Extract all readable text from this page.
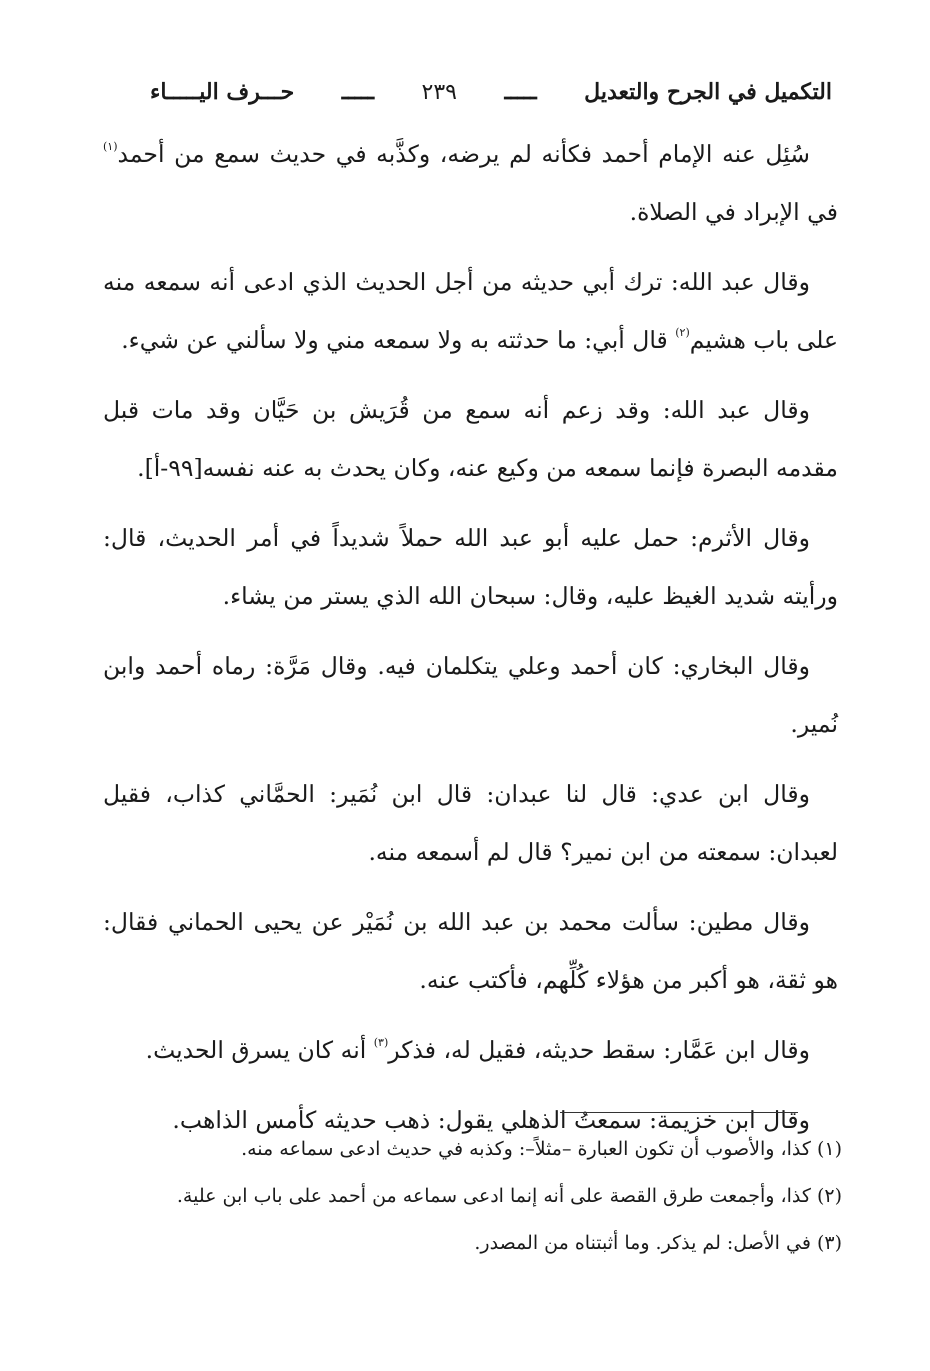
التكميل في الجرح والتعديل
ـــــ
٢٣٩
ـــــ
حـــرف اليـــــاء

سُئِل عنه الإمام أحمد فكأنه لم يرضه، وكذَّبه في حديث سمع من أحمد$^{(١)}$ في الإبراد في الصلاة.

وقال عبد الله: ترك أبي حديثه من أجل الحديث الذي ادعى أنه سمعه منه على باب هشيم$^{(٢)}$ قال أبي: ما حدثته به ولا سمعه مني ولا سألني عن شيء.

وقال عبد الله: وقد زعم أنه سمع من قُرَيش بن حَيَّان وقد مات قبل مقدمه البصرة فإنما سمعه من وكيع عنه، وكان يحدث به عنه نفسه[٩٩-أ].

وقال الأثرم: حمل عليه أبو عبد الله حملاً شديداً في أمر الحديث، قال: ورأيته شديد الغيظ عليه، وقال: سبحان الله الذي يستر من يشاء.

وقال البخاري: كان أحمد وعلي يتكلمان فيه. وقال مَرَّة: رماه أحمد وابن نُمير.

وقال ابن عدي: قال لنا عبدان: قال ابن نُمَير: الحمَّاني كذاب، فقيل لعبدان: سمعته من ابن نمير؟ قال لم أسمعه منه.

وقال مطين: سألت محمد بن عبد الله بن نُمَيْر عن يحيى الحماني فقال: هو ثقة، هو أكبر من هؤلاء كُلِّهم، فأكتب عنه.

وقال ابن عَمَّار: سقط حديثه، فقيل له، فذكر$^{(٣)}$ أنه كان يسرق الحديث.

وقال ابن خزيمة: سمعتُ الذهلي يقول: ذهب حديثه كأمس الذاهب.

(١) كذا، والأصوب أن تكون العبارة –مثلاً–: وكذبه في حديث ادعى سماعه منه.

(٢) كذا، وأجمعت طرق القصة على أنه إنما ادعى سماعه من أحمد على باب ابن علية.

(٣) في الأصل: لم يذكر. وما أثبتناه من المصدر.
